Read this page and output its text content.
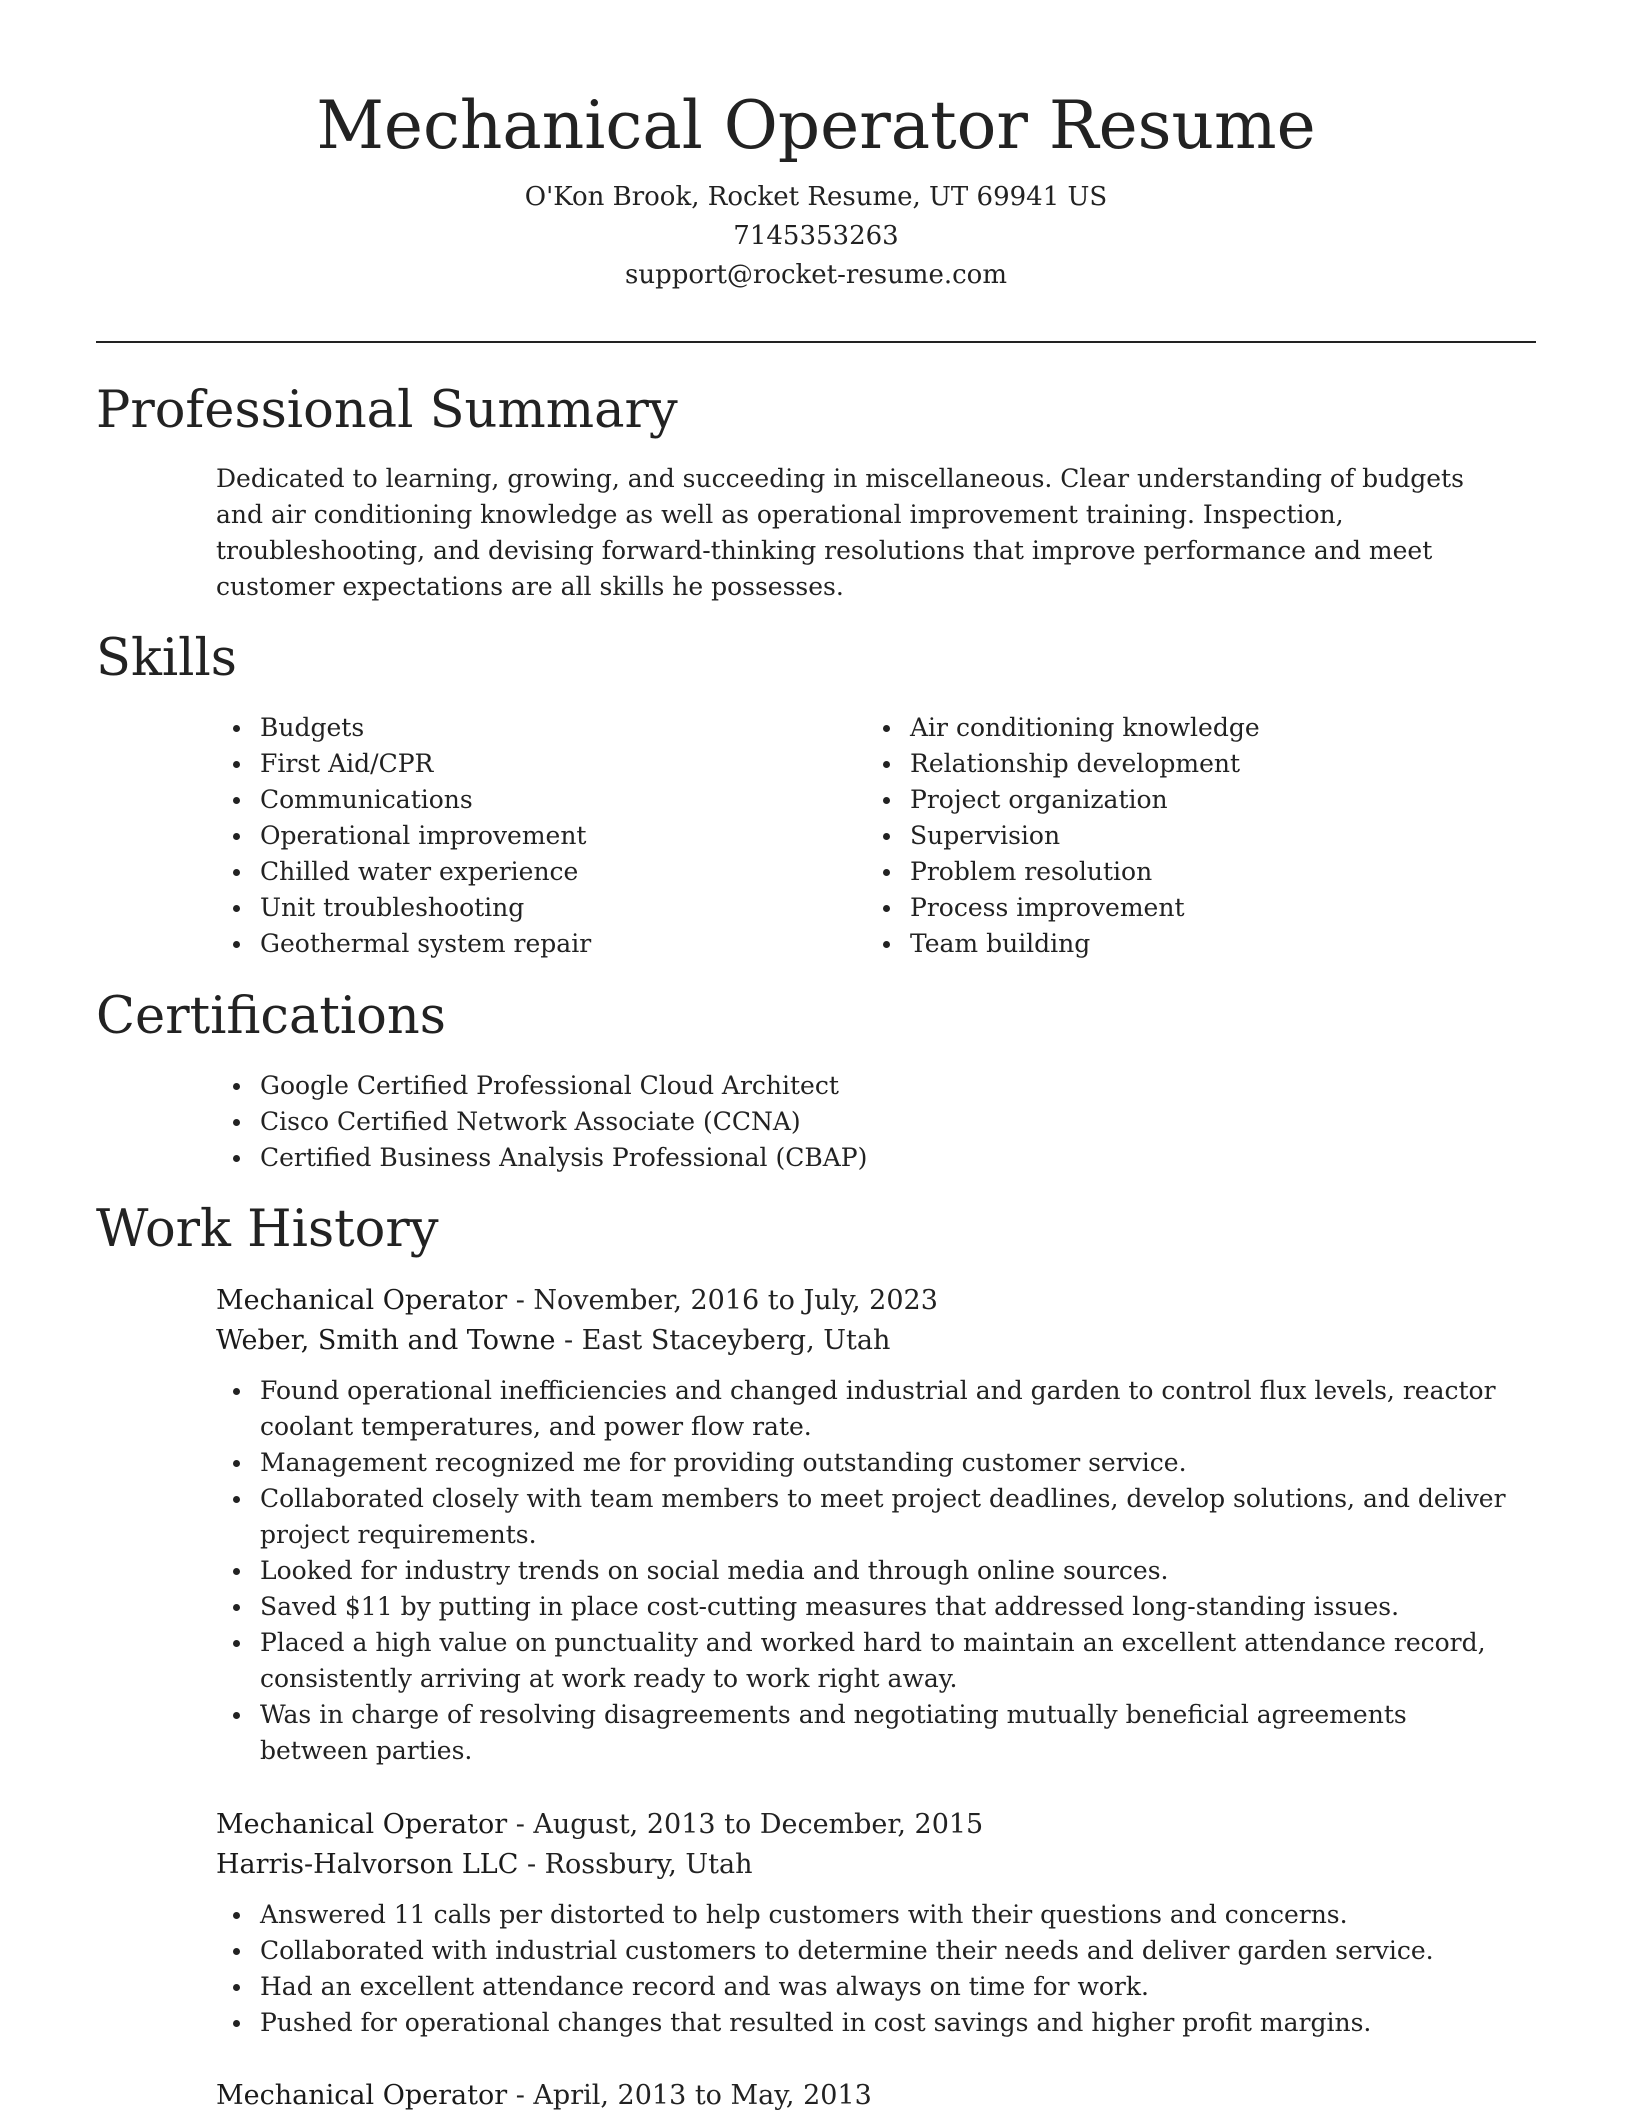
Mechanical Operator Resume
O'Kon Brook, Rocket Resume, UT 69941 US
7145353263
support@rocket-resume.com
Professional Summary

Dedicated to learning, growing, and succeeding in miscellaneous. Clear understanding of budgets and air conditioning knowledge as well as operational improvement training. Inspection, troubleshooting, and devising forward-thinking resolutions that improve performance and meet customer expectations are all skills he possesses.

Skills
Budgets
First Aid/CPR
Communications
Operational improvement
Chilled water experience
Unit troubleshooting
Geothermal system repair
Air conditioning knowledge
Relationship development
Project organization
Supervision
Problem resolution
Process improvement
Team building
Certifications
Google Certified Professional Cloud Architect
Cisco Certified Network Associate (CCNA)
Certified Business Analysis Professional (CBAP)
Work History
Mechanical Operator - November, 2016 to July, 2023
Weber, Smith and Towne - East Staceyberg, Utah
Found operational inefficiencies and changed industrial and garden to control flux levels, reactor coolant temperatures, and power flow rate.
Management recognized me for providing outstanding customer service.
Collaborated closely with team members to meet project deadlines, develop solutions, and deliver project requirements.
Looked for industry trends on social media and through online sources.
Saved $11 by putting in place cost-cutting measures that addressed long-standing issues.
Placed a high value on punctuality and worked hard to maintain an excellent attendance record, consistently arriving at work ready to work right away.
Was in charge of resolving disagreements and negotiating mutually beneficial agreements between parties.
Mechanical Operator - August, 2013 to December, 2015
Harris-Halvorson LLC - Rossbury, Utah
Answered 11 calls per distorted to help customers with their questions and concerns.
Collaborated with industrial customers to determine their needs and deliver garden service.
Had an excellent attendance record and was always on time for work.
Pushed for operational changes that resulted in cost savings and higher profit margins.
Mechanical Operator - April, 2013 to May, 2013
